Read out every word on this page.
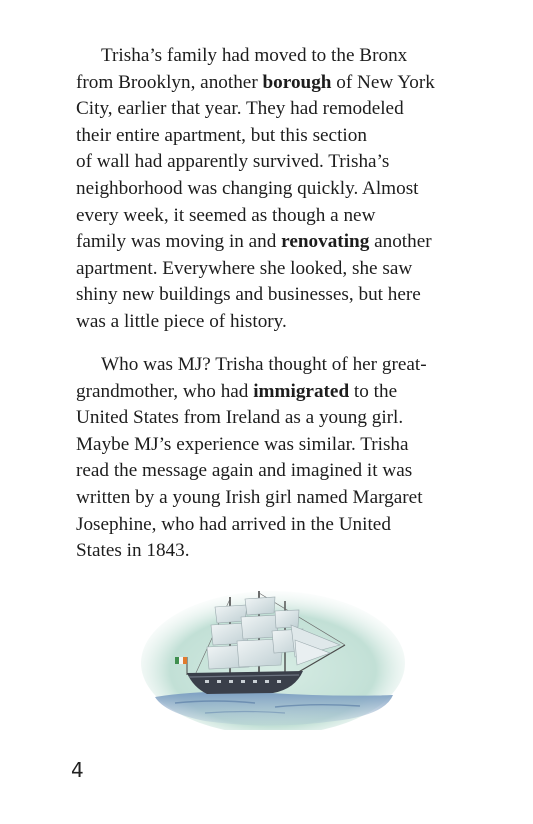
Trisha’s family had moved to the Bronx
from Brooklyn, another borough of New York
City, earlier that year. They had remodeled
their entire apartment, but this section
of wall had apparently survived. Trisha’s
neighborhood was changing quickly. Almost
every week, it seemed as though a new
family was moving in and renovating another
apartment. Everywhere she looked, she saw
shiny new buildings and businesses, but here
was a little piece of history.

Who was MJ? Trisha thought of her great-
grandmother, who had immigrated to the
United States from Ireland as a young girl.
Maybe MJ’s experience was similar. Trisha
read the message again and imagined it was
written by a young Irish girl named Margaret
Josephine, who had arrived in the United
States in 1843.

4
